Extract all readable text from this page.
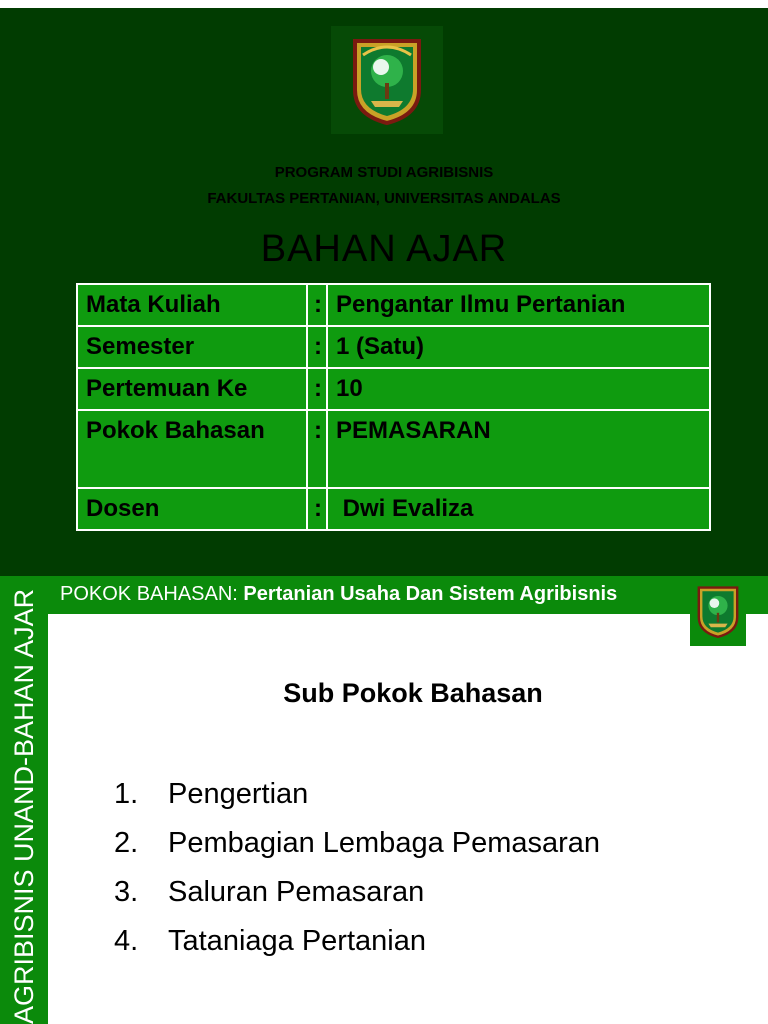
PROGRAM STUDI AGRIBISNIS
FAKULTAS PERTANIAN, UNIVERSITAS ANDALAS
BAHAN AJAR
Mata Kuliah	:	Pengantar Ilmu Pertanian
Semester	:	1 (Satu)
Pertemuan Ke	:	10
Pokok Bahasan	:	PEMASARAN
Dosen	:	Dwi Evaliza
AGRIBISNIS UNAND-BAHAN AJAR POKOK BAHASAN: Pertanian Usaha Dan Sistem Agribisnis
Sub Pokok Bahasan
1. Pengertian
2. Pembagian Lembaga Pemasaran
3. Saluran Pemasaran
4. Tataniaga Pertanian
